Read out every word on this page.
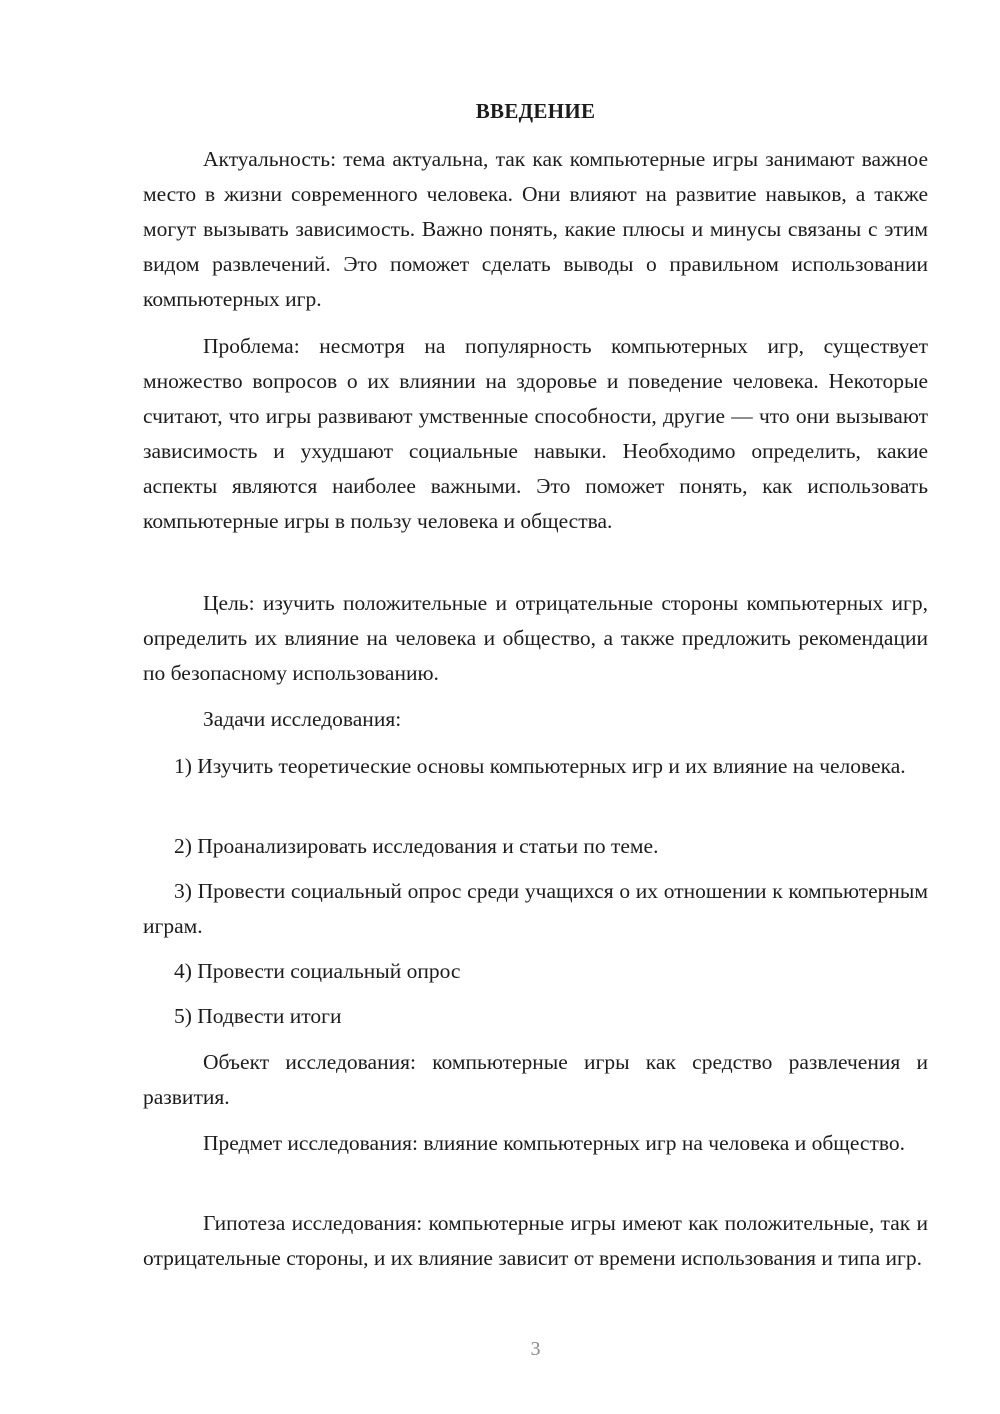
ВВЕДЕНИЕ

Актуальность: тема актуальна, так как компьютерные игры занимают важное место в жизни современного человека. Они влияют на развитие навыков, а также могут вызывать зависимость. Важно понять, какие плюсы и минусы связаны с этим видом развлечений. Это поможет сделать выводы о правильном использовании компьютерных игр.

Проблема: несмотря на популярность компьютерных игр, существует множество вопросов о их влиянии на здоровье и поведение человека. Некоторые считают, что игры развивают умственные способности, другие — что они вызывают зависимость и ухудшают социальные навыки. Необходимо определить, какие аспекты являются наиболее важными. Это поможет понять, как использовать компьютерные игры в пользу человека и общества.

Цель: изучить положительные и отрицательные стороны компьютерных игр, определить их влияние на человека и общество, а также предложить рекомендации по безопасному использованию.

Задачи исследования:

1) Изучить теоретические основы компьютерных игр и их влияние на человека.

2) Проанализировать исследования и статьи по теме.

3) Провести социальный опрос среди учащихся о их отношении к компьютерным играм.

4) Провести социальный опрос

5) Подвести итоги

Объект исследования: компьютерные игры как средство развлечения и развития.

Предмет исследования: влияние компьютерных игр на человека и общество.

Гипотеза исследования: компьютерные игры имеют как положительные, так и отрицательные стороны, и их влияние зависит от времени использования и типа игр.

3
